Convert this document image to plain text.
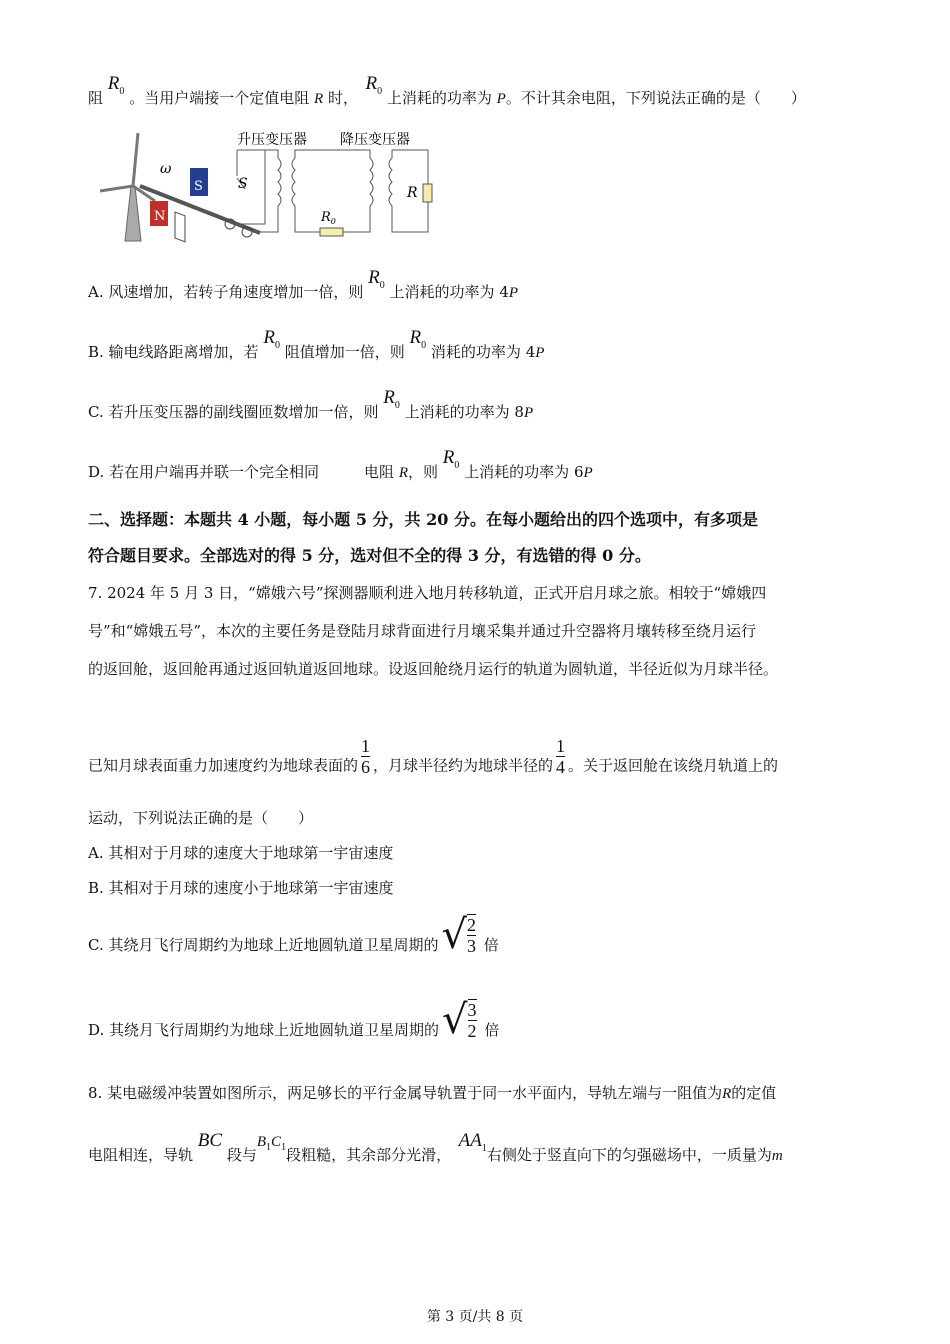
阻 $R_0$ 。当用户端接一个定值电阻 R 时，　$R_0$ 上消耗的功率为 P。不计其余电阻，下列说法正确的是（　　）
ω
N
S	S
$R_0$
R
升压变压器 降压变压器
A. 风速增加，若转子角速度增加一倍，则 $R_0$ 上消耗的功率为 4P
B. 输电线路距离增加，若 $R_0$ 阻值增加一倍，则 $R_0$ 消耗的功率为 4P
C. 若升压变压器的副线圈匝数增加一倍，则 $R_0$ 上消耗的功率为 8P
D. 若在用户端再并联一个完全相同　　　电阻 R，则 $R_0$ 上消耗的功率为 6P
二、选择题：本题共 4 小题，每小题 5 分，共 20 分。在每小题给出的四个选项中，有多项是
符合题目要求。全部选对的得 5 分，选对但不全的得 3 分，有选错的得 0 分。
7. 2024 年 5 月 3 日，“嫦娥六号”探测器顺利进入地月转移轨道，正式开启月球之旅。相较于“嫦娥四
号”和“嫦娥五号”，本次的主要任务是登陆月球背面进行月壤采集并通过升空器将月壤转移至绕月运行
的返回舱，返回舱再通过返回轨道返回地球。设返回舱绕月运行的轨道为圆轨道，半径近似为月球半径。
已知月球表面重力加速度约为地球表面的 $\frac{1}{6}$ ，月球半径约为地球半径的 $\frac{1}{4}$ 。关于返回舱在该绕月轨道上的
运动，下列说法正确的是（　　）
A. 其相对于月球的速度大于地球第一宇宙速度
B. 其相对于月球的速度小于地球第一宇宙速度
C. 其绕月飞行周期约为地球上近地圆轨道卫星周期的 √ $\frac{2}{3}$ 倍
D. 其绕月飞行周期约为地球上近地圆轨道卫星周期的 √ $\frac{3}{2}$ 倍
8. 某电磁缓冲装置如图所示，两足够长的平行金属导轨置于同一水平面内，导轨左端与一阻值为R的定值
电阻相连，导轨 BC 段与$B_1C_1$段粗糙，其余部分光滑，　$AA_1$右侧处于竖直向下的匀强磁场中，一质量为m
第 3 页/共 8 页
